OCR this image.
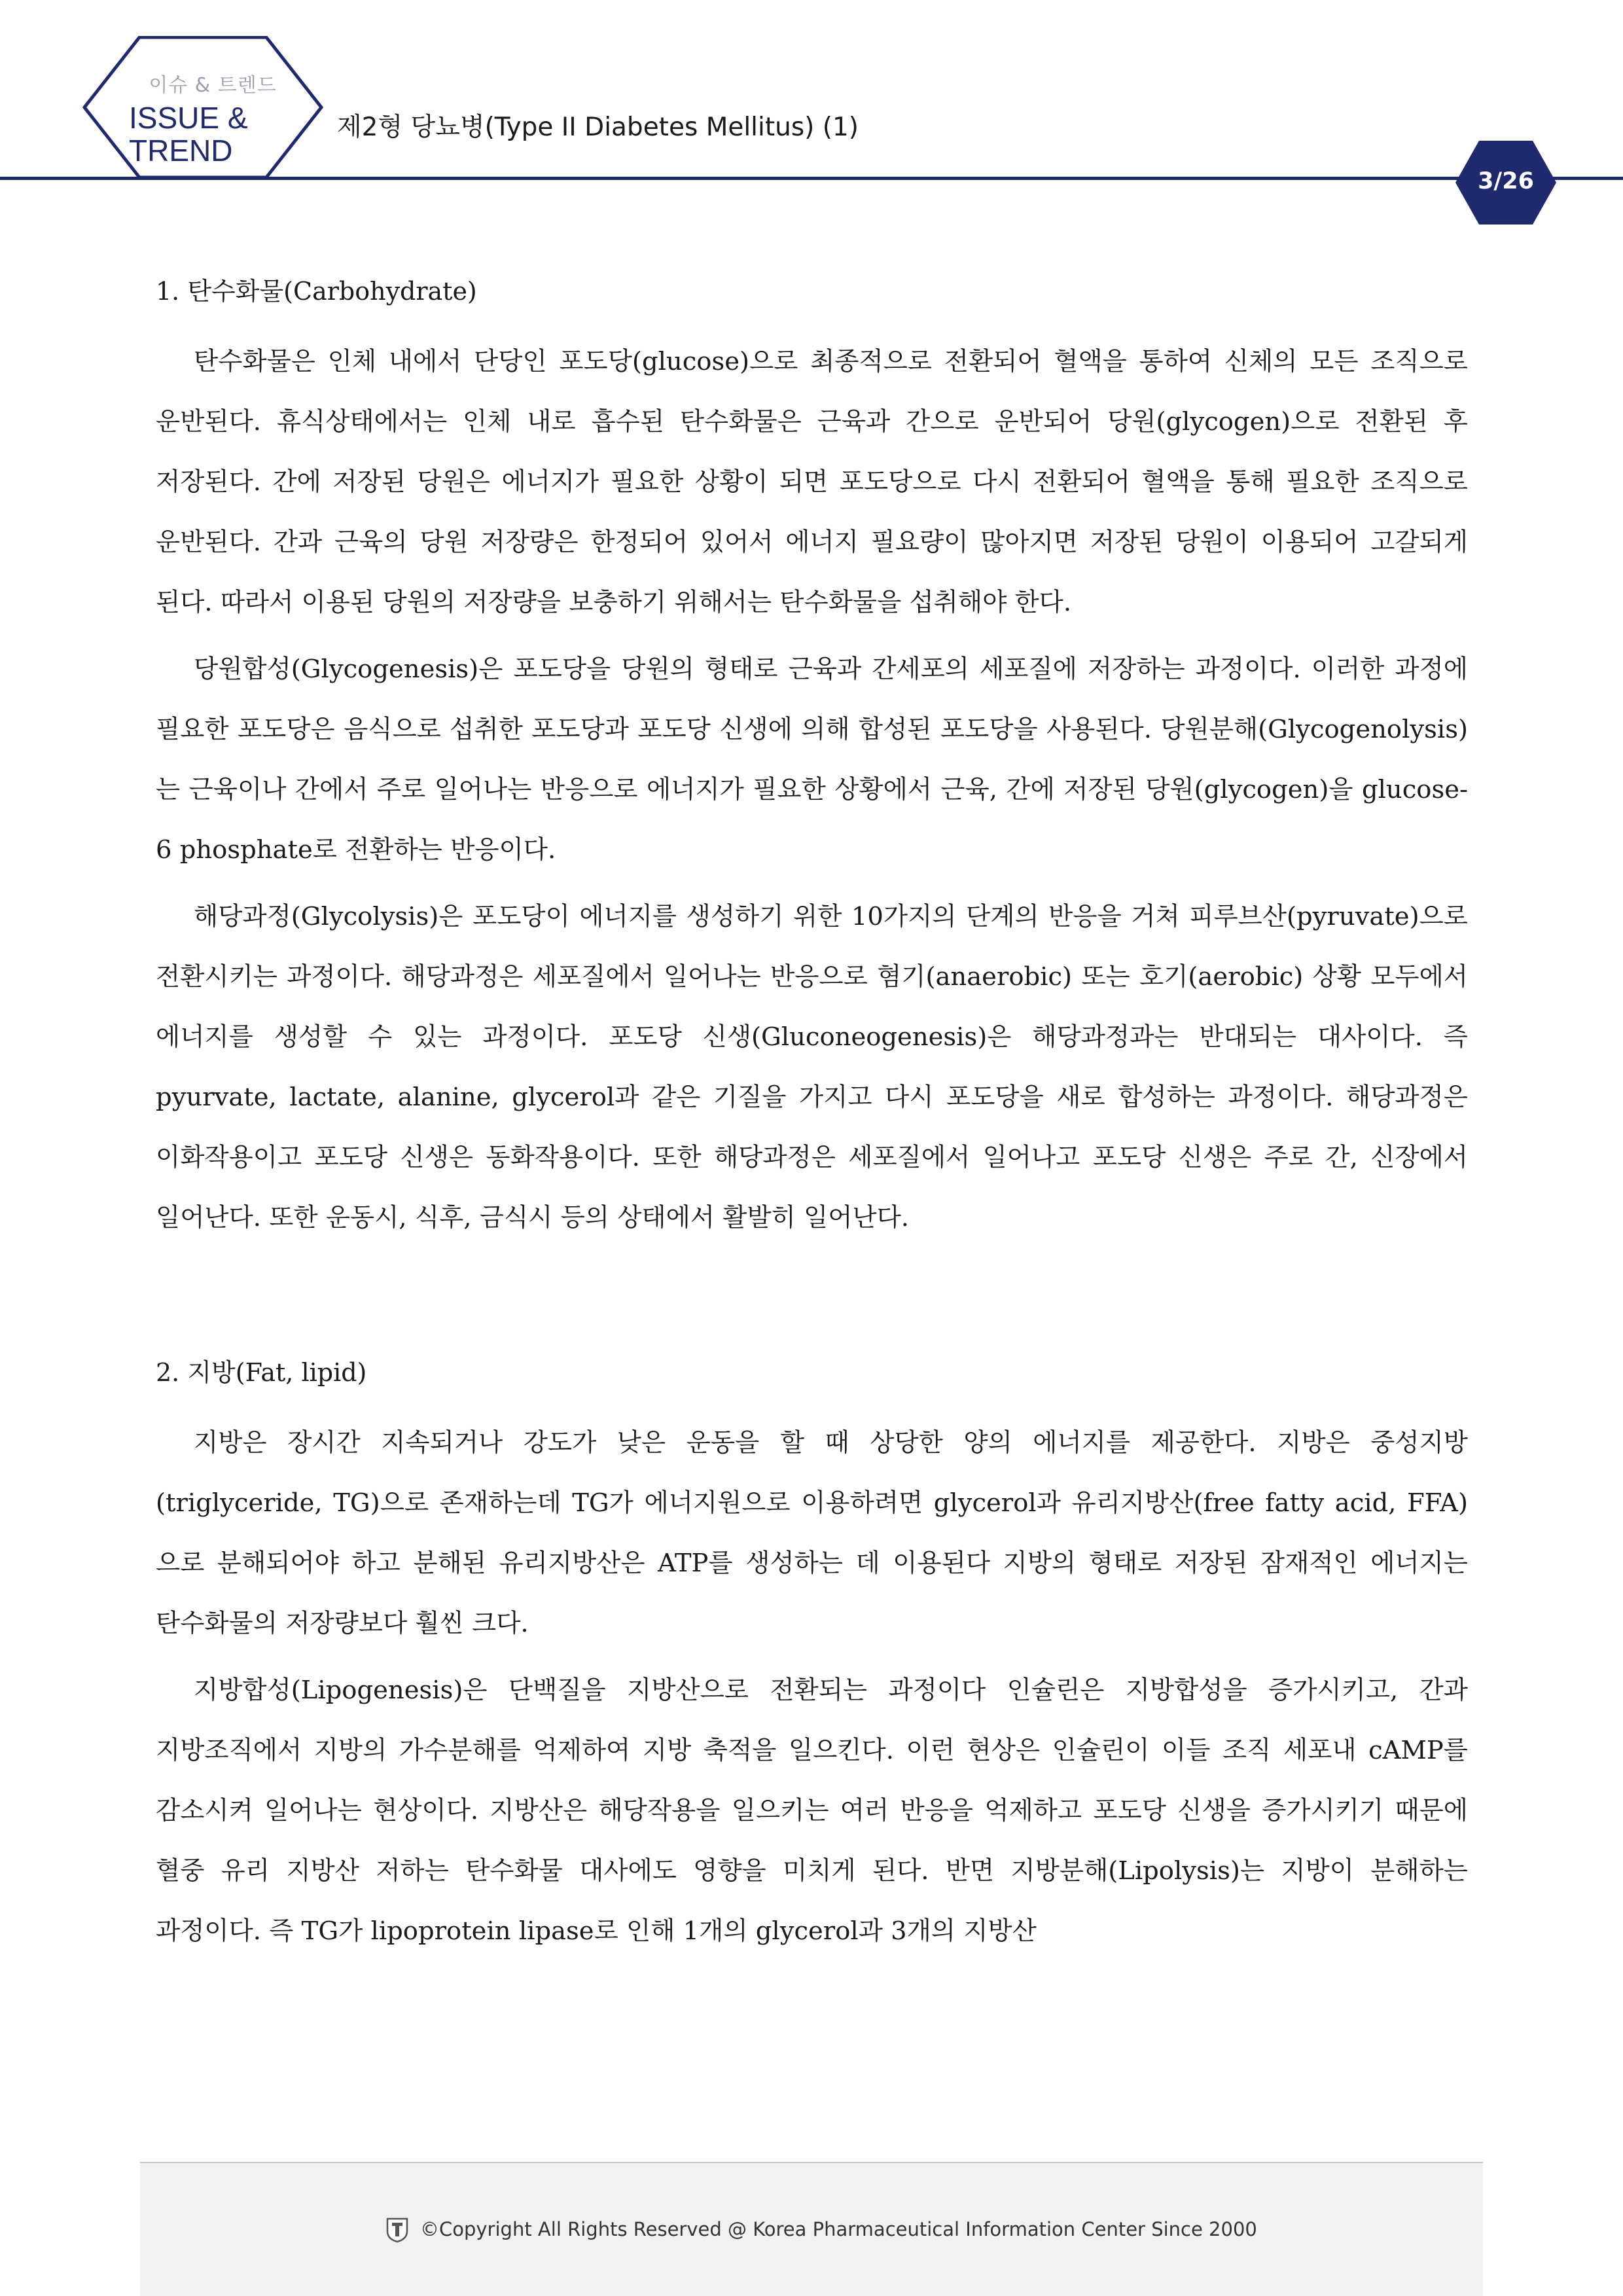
이슈 & 트렌드
ISSUE &
TREND
제2형 당뇨병(Type II Diabetes Mellitus) (1)
3/26
1. 탄수화물(Carbohydrate)

탄수화물은 인체 내에서 단당인 포도당(glucose)으로 최종적으로 전환되어 혈액을 통하여 신체의 모든 조직으로 운반된다. 휴식상태에서는 인체 내로 흡수된 탄수화물은 근육과 간으로 운반되어 당원(glycogen)으로 전환된 후 저장된다. 간에 저장된 당원은 에너지가 필요한 상황이 되면 포도당으로 다시 전환되어 혈액을 통해 필요한 조직으로 운반된다. 간과 근육의 당원 저장량은 한정되어 있어서 에너지 필요량이 많아지면 저장된 당원이 이용되어 고갈되게 된다. 따라서 이용된 당원의 저장량을 보충하기 위해서는 탄수화물을 섭취해야 한다.

당원합성(Glycogenesis)은 포도당을 당원의 형태로 근육과 간세포의 세포질에 저장하는 과정이다. 이러한 과정에 필요한 포도당은 음식으로 섭취한 포도당과 포도당 신생에 의해 합성된 포도당을 사용된다. 당원분해(Glycogenolysis)는 근육이나 간에서 주로 일어나는 반응으로 에너지가 필요한 상황에서 근육, 간에 저장된 당원(glycogen)을 glucose-6 phosphate로 전환하는 반응이다.

해당과정(Glycolysis)은 포도당이 에너지를 생성하기 위한 10가지의 단계의 반응을 거쳐 피루브산(pyruvate)으로 전환시키는 과정이다. 해당과정은 세포질에서 일어나는 반응으로 혐기(anaerobic) 또는 호기(aerobic) 상황 모두에서 에너지를 생성할 수 있는 과정이다. 포도당 신생(Gluconeogenesis)은 해당과정과는 반대되는 대사이다. 즉 pyurvate, lactate, alanine, glycerol과 같은 기질을 가지고 다시 포도당을 새로 합성하는 과정이다. 해당과정은 이화작용이고 포도당 신생은 동화작용이다. 또한 해당과정은 세포질에서 일어나고 포도당 신생은 주로 간, 신장에서 일어난다. 또한 운동시, 식후, 금식시 등의 상태에서 활발히 일어난다.

2. 지방(Fat, lipid)

지방은 장시간 지속되거나 강도가 낮은 운동을 할 때 상당한 양의 에너지를 제공한다. 지방은 중성지방(triglyceride, TG)으로 존재하는데 TG가 에너지원으로 이용하려면 glycerol과 유리지방산(free fatty acid, FFA)으로 분해되어야 하고 분해된 유리지방산은 ATP를 생성하는 데 이용된다 지방의 형태로 저장된 잠재적인 에너지는 탄수화물의 저장량보다 훨씬 크다.

지방합성(Lipogenesis)은 단백질을 지방산으로 전환되는 과정이다 인슐린은 지방합성을 증가시키고, 간과 지방조직에서 지방의 가수분해를 억제하여 지방 축적을 일으킨다. 이런 현상은 인슐린이 이들 조직 세포내 cAMP를 감소시켜 일어나는 현상이다. 지방산은 해당작용을 일으키는 여러 반응을 억제하고 포도당 신생을 증가시키기 때문에 혈중 유리 지방산 저하는 탄수화물 대사에도 영향을 미치게 된다. 반면 지방분해(Lipolysis)는 지방이 분해하는 과정이다. 즉 TG가 lipoprotein lipase로 인해 1개의 glycerol과 3개의 지방산

©Copyright All Rights Reserved @ Korea Pharmaceutical Information Center Since 2000
